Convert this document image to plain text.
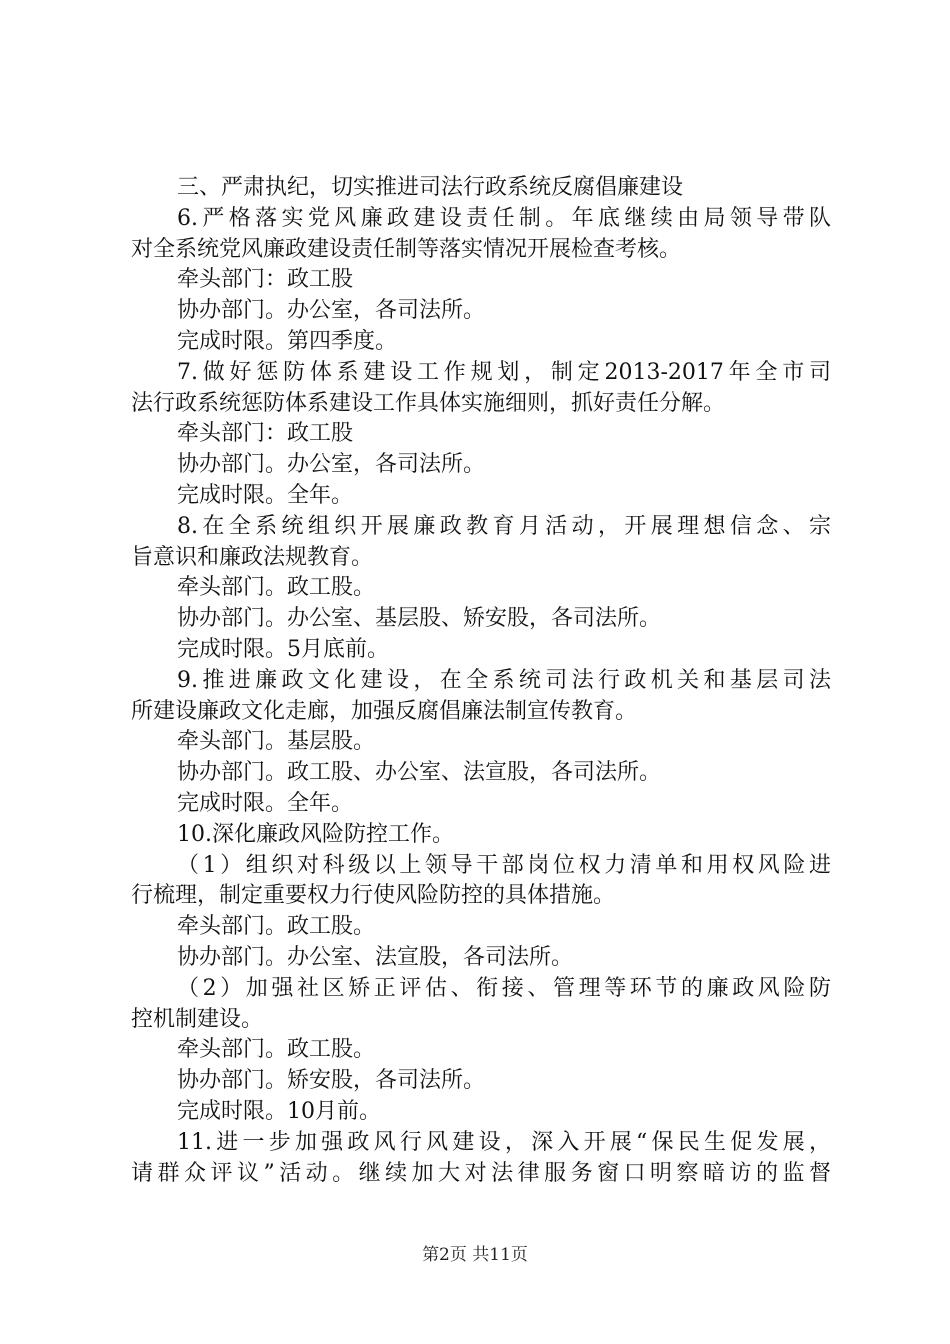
三、严肃执纪，切实推进司法行政系统反腐倡廉建设
6.严格落实党风廉政建设责任制。年底继续由局领导带队
对全系统党风廉政建设责任制等落实情况开展检查考核。
牵头部门：政工股
协办部门。办公室，各司法所。
完成时限。第四季度。
7.做好惩防体系建设工作规划，制定2013-2017年全市司
法行政系统惩防体系建设工作具体实施细则，抓好责任分解。
牵头部门：政工股
协办部门。办公室，各司法所。
完成时限。全年。
8.在全系统组织开展廉政教育月活动，开展理想信念、宗
旨意识和廉政法规教育。
牵头部门。政工股。
协办部门。办公室、基层股、矫安股，各司法所。
完成时限。5月底前。
9.推进廉政文化建设，在全系统司法行政机关和基层司法
所建设廉政文化走廊，加强反腐倡廉法制宣传教育。
牵头部门。基层股。
协办部门。政工股、办公室、法宣股，各司法所。
完成时限。全年。
10.深化廉政风险防控工作。
（1）组织对科级以上领导干部岗位权力清单和用权风险进
行梳理，制定重要权力行使风险防控的具体措施。
牵头部门。政工股。
协办部门。办公室、法宣股，各司法所。
（2）加强社区矫正评估、衔接、管理等环节的廉政风险防
控机制建设。
牵头部门。政工股。
协办部门。矫安股，各司法所。
完成时限。10月前。
11.进一步加强政风行风建设，深入开展“保民生促发展，
请群众评议”活动。继续加大对法律服务窗口明察暗访的监督
第2页 共11页
